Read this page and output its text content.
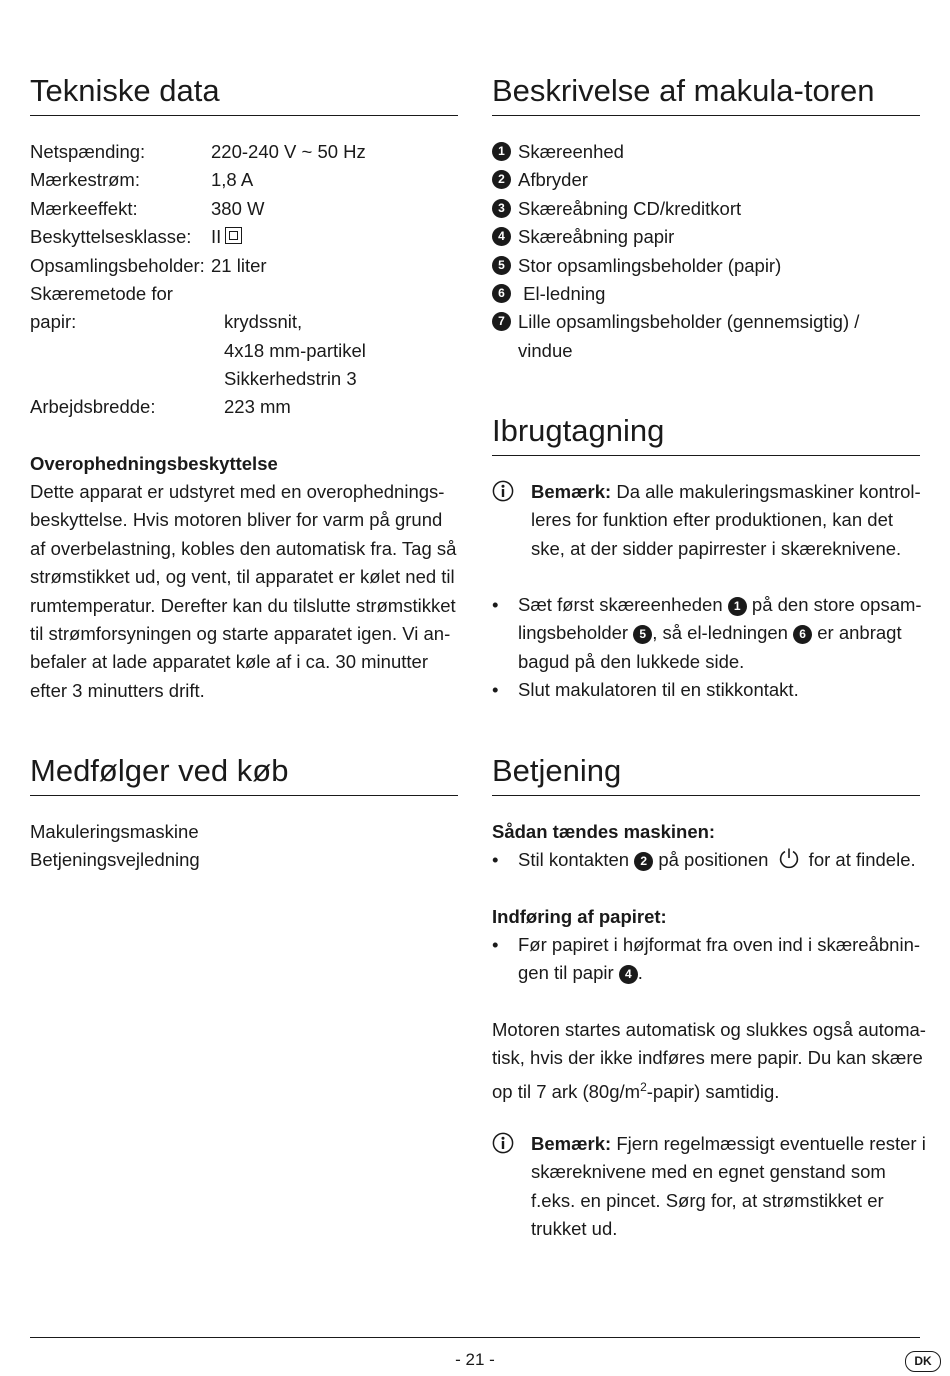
Tekniske data
Netspænding:	220-240 V ~ 50 Hz
Mærkestrøm:	1,8 A
Mærkeeffekt:	380 W
Beskyttelsesklasse: II
Opsamlingsbeholder: 21 liter
Skæremetode for
papir:	krydssnit,
4x18 mm-partikel
Sikkerhedstrin 3
Arbejdsbredde:	223 mm
Overophedningsbeskyttelse
Dette apparat er udstyret med en overophednings-
beskyttelse. Hvis motoren bliver for varm på grund
af overbelastning, kobles den automatisk fra. Tag så
strømstikket ud, og vent, til apparatet er kølet ned til
rumtemperatur. Derefter kan du tilslutte strømstikket
til strømforsyningen og starte apparatet igen. Vi an-
befaler at lade apparatet køle af i ca. 30 minutter
efter 3 minutters drift.
Medfølger ved køb
Makuleringsmaskine
Betjeningsvejledning
Beskrivelse af makula-toren
1 Skæreenhed
2 Afbryder
3 Skæreåbning CD/kreditkort
4 Skæreåbning papir
5 Stor opsamlingsbeholder (papir)
6 El-ledning
7 Lille opsamlingsbeholder (gennemsigtig) /
vindue
Ibrugtagning
Bemærk: Da alle makuleringsmaskiner kontrol-
leres for funktion efter produktionen, kan det
ske, at der sidder papirrester i skæreknivene.
• Sæt først skæreenheden 1 på den store opsam-
lingsbeholder 5 , så el-ledningen 6 er anbragt
bagud på den lukkede side.
• Slut makulatoren til en stikkontakt.
Betjening
Sådan tændes maskinen:
• Stil kontakten 2 på positionen  for at findele.
Indføring af papiret:
• Før papiret i højformat fra oven ind i skæreåbnin-
gen til papir 4 .
Motoren startes automatisk og slukkes også automa-
tisk, hvis der ikke indføres mere papir. Du kan skære
op til 7 ark $(80g/m^2-papir)$ samtidig.
Bemærk: Fjern regelmæssigt eventuelle rester i
skæreknivene med en egnet genstand som
f.eks. en pincet. Sørg for, at strømstikket er
trukket ud.
- 21 -	DK
